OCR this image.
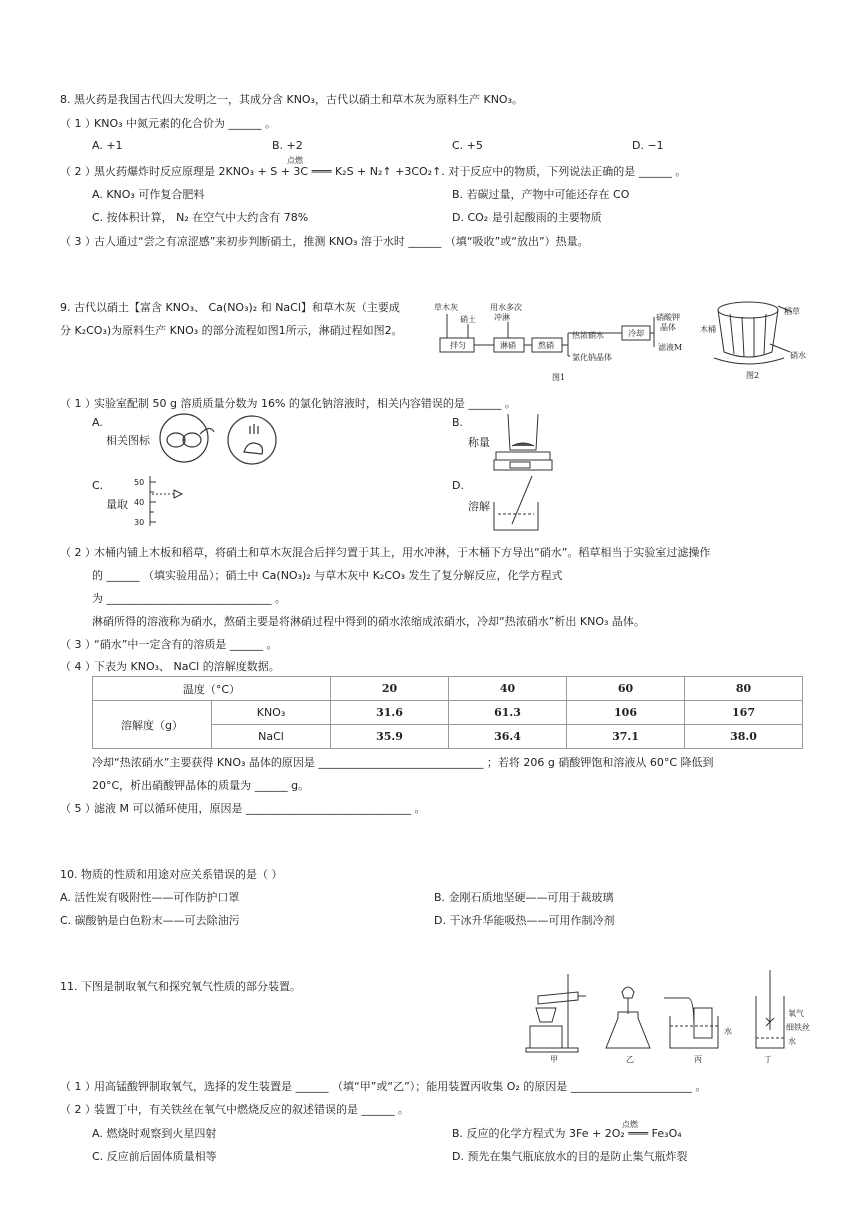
8. 黑火药是我国古代四大发明之一，其成分含 KNO₃，古代以硝土和草木灰为原料生产 KNO₃。
（ 1 ）
KNO₃ 中氮元素的化合价为 ______ 。
A. +1	B. +2	C. +5	D. −1
（ 2 ）
黑火药爆炸时反应原理是 2KNO₃ + S + 3C ═══ K₂S + N₂↑ +3CO₂↑. 对于反应中的物质，下列说法正确的是 ______ 。
点燃
A. KNO₃ 可作复合肥料	B. 若碳过量，产物中可能还存在 CO
C. 按体积计算， N₂ 在空气中大约含有 78%	D. CO₂ 是引起酸雨的主要物质
（ 3 ）
古人通过“尝之有凉涩感”来初步判断硝土，推测 KNO₃ 溶于水时 ______ （填“吸收”或“放出”）热量。
9. 古代以硝土【富含 KNO₃、 Ca(NO₃)₂ 和 NaCl】和草木灰（主要成
分 K₂CO₃)为原料生产 KNO₃ 的部分流程如图1所示，淋硝过程如图2。
草木灰
硝土
用水多次
冲淋
拌匀	淋硝	熬硝
冷却
热浓硝水
氯化钠晶体
硝酸钾
晶体
滤液M
图1
稻草
木桶
硝水
图2
（ 1 ）
实验室配制 50 g 溶质质量分数为 16% 的氯化钠溶液时，相关内容错误的是 ______ 。
A.
相关图标
B.
称量
C.
量取
50
40
30
D.
溶解
（ 2 ）
木桶内铺上木板和稻草，将硝土和草木灰混合后拌匀置于其上，用水冲淋，于木桶下方导出“硝水”。稻草相当于实验室过滤操作
的 ______ （填实验用品）；硝土中 Ca(NO₃)₂ 与草木灰中 K₂CO₃ 发生了复分解反应，化学方程式
为 ______________________________ 。
淋硝所得的溶液称为硝水，熬硝主要是将淋硝过程中得到的硝水浓缩成浓硝水，冷却“热浓硝水”析出 KNO₃ 晶体。
（ 3 ）
“硝水”中一定含有的溶质是 ______ 。
（ 4 ）
下表为 KNO₃、 NaCl 的溶解度数据。
温度（°C）		20	40	60	80
溶解度（g）	KNO₃	31.6	61.3	106	167
	NaCl	35.9	36.4	37.1	38.0
冷却“热浓硝水”主要获得 KNO₃ 晶体的原因是 ______________________________ ；若将 206 g 硝酸钾饱和溶液从 60°C 降低到
20°C，析出硝酸钾晶体的质量为 ______ g。
（ 5 ）
滤液 M 可以循环使用，原因是 ______________________________ 。
10. 物质的性质和用途对应关系错误的是（ ）
A. 活性炭有吸附性——可作防护口罩	B. 金刚石质地坚硬——可用于裁玻璃
C. 碳酸钠是白色粉末——可去除油污	D. 干冰升华能吸热——可用作制冷剂
11. 下图是制取氧气和探究氧气性质的部分装置。
甲	乙	丙	丁
水
氧气
细铁丝
水
（ 1 ）
用高锰酸钾制取氧气，选择的发生装置是 ______ （填“甲”或“乙”）；能用装置丙收集 O₂ 的原因是 ______________________ 。
（ 2 ）
装置丁中，有关铁丝在氧气中燃烧反应的叙述错误的是 ______ 。
A. 燃烧时观察到火星四射	B. 反应的化学方程式为 3Fe + 2O₂ ═══ Fe₃O₄
点燃
C. 反应前后固体质量相等	D. 预先在集气瓶底放水的目的是防止集气瓶炸裂
